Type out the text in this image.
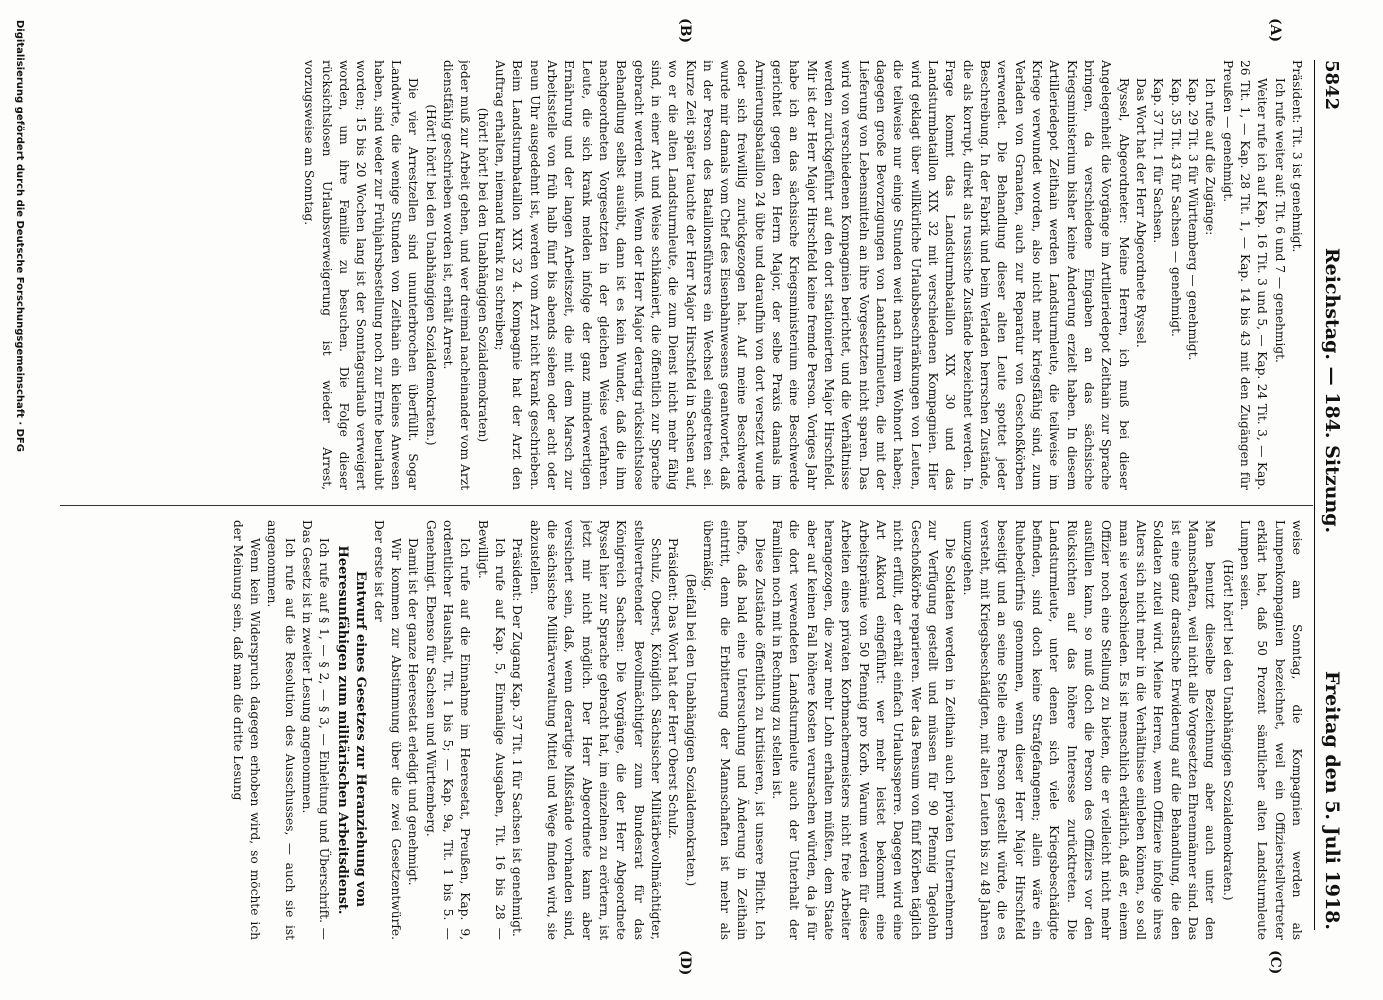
5842
Reichstag. — 184. Sitzung.
Freitag den 5. Juli 1918.
(A)
(B)
(C)
(D)

Präsident: Tit. 3 ist genehmigt.

Ich rufe weiter auf: Tit. 6 und 7 — genehmigt.

Weiter rufe ich auf Kap. 16 Tit. 3 und 5, — Kap. 24 Tit. 3, — Kap. 26 Tit. 1, — Kap. 28 Tit. 1, — Kap. 14 bis 43 mit den Zugängen für Preußen — genehmigt.

Ich rufe auf die Zugänge:

Kap. 29 Tit. 3 für Württemberg — genehmigt.

Kap. 35 Tit. 43 für Sachsen — genehmigt.

Kap. 37 Tit. 1 für Sachsen.

Das Wort hat der Herr Abgeordnete Ryssel.

Ryssel, Abgeordneter: Meine Herren, ich muß bei dieser Angelegenheit die Vorgänge im Artilleriedepot Zeithain zur Sprache bringen, da verschiedene Eingaben an das sächsische Kriegsministerium bisher keine Änderung erzielt haben. In diesem Artilleriedepot Zeithain werden Landsturmleute, die teilweise im Kriege verwundet worden, also nicht mehr kriegsfähig sind, zum Verladen von Granaten, auch zur Reparatur von Geschoßkörben verwendet. Die Behandlung dieser alten Leute spottet jeder Beschreibung. In der Fabrik und beim Verladen herrschen Zustände, die als korrupt, direkt als russische Zustände bezeichnet werden. In Frage kommt das Landsturmbataillon XIX 30 und das Landsturmbataillon XIX 32 mit verschiedenen Kompagnien. Hier wird geklagt über willkürliche Urlaubsbeschränkungen von Leuten, die teilweise nur einige Stunden weit nach ihrem Wohnort haben; dagegen große Bevorzugungen von Landsturmleuten, die mit der Lieferung von Lebensmitteln an ihre Vorgesetzten nicht sparen. Das wird von verschiedenen Kompagnien berichtet, und die Verhältnisse werden zurückgeführt auf den dort stationierten Major Hirschfeld. Mir ist der Herr Major Hirschfeld keine fremde Person. Voriges Jahr habe ich an das sächsische Kriegsministerium eine Beschwerde gerichtet gegen den Herrn Major, der selbe Praxis damals im Armierungsbataillon 24 übte und daraufhin von dort versetzt wurde oder sich freiwillig zurückgezogen hat. Auf meine Beschwerde wurde mir damals vom Chef des Eisenbahnwesens geantwortet, daß in der Person des Bataillonsführers ein Wechsel eingetreten sei. Kurze Zeit später tauchte der Herr Major Hirschfeld in Sachsen auf, wo er die alten Landsturmleute, die zum Dienst nicht mehr fähig sind, in einer Art und Weise schikaniert, die öffentlich zur Sprache gebracht werden muß. Wenn der Herr Major derartig rücksichtslose Behandlung selbst ausübt, dann ist es kein Wunder, daß die ihm nachgeordneten Vorgesetzten in der gleichen Weise verfahren. Leute, die sich krank melden infolge der ganz minderwertigen Ernährung und der langen Arbeitszeit, die mit dem Marsch zur Arbeitsstelle von früh halb fünf bis abends sieben oder acht oder neun Uhr ausgedehnt ist, werden vom Arzt nicht krank geschrieben. Beim Landsturmbataillon XIX 32 4. Kompagnie hat der Arzt den Auftrag erhalten, niemand krank zu schreiben;

(hört! hört! bei den Unabhängigen Sozialdemokraten)

jeder muß zur Arbeit gehen, und wer dreimal nacheinander vom Arzt dienstfähig geschrieben worden ist, erhält Arrest.

(Hört! hört! bei den Unabhängigen Sozialdemokraten.)

Die vier Arrestzellen sind ununterbrochen überfüllt. Sogar Landwirte, die wenige Stunden von Zeithain ein kleines Anwesen haben, sind weder zur Frühjahrsbestellung noch zur Ernte beurlaubt worden; 15 bis 20 Wochen lang ist der Sonntagsurlaub verweigert worden, um ihre Familie zu besuchen. Die Folge dieser rücksichtslosen Urlaubsverweigerung ist wieder Arrest, vorzugsweise am Sonntag.

weise am Sonntag, die Kompagnien werden als Lumpenkompagnien bezeichnet, weil ein Offizierstellvertreter erklärt hat, daß 50 Prozent sämtlicher alten Landsturmleute Lumpen seien.

(Hört! hört! bei den Unabhängigen Sozialdemokraten.)

Man benutzt dieselbe Bezeichnung aber auch unter den Mannschaften, weil nicht alle Vorgesetzten Ehrenmänner sind. Das ist eine ganz drastische Erwiderung auf die Behandlung, die den Soldaten zuteil wird. Meine Herren, wenn Offiziere infolge ihres Alters sich nicht mehr in die Verhältnisse einleben können, so soll man sie verabschieden. Es ist menschlich erklärlich, daß er, einem Offizier noch eine Stellung zu bieten, die er vielleicht nicht mehr ausfüllen kann, so muß doch die Person des Offiziers vor den Rücksichten auf das höhere Interesse zurücktreten. Die Landsturmleute, unter denen sich viele Kriegsbeschädigte befinden, sind doch keine Strafgefangenen; allein wäre ein Ruhebedürfnis genommen, wenn dieser Herr Major Hirschfeld beseitigt und an seine Stelle eine Person gestellt würde, die es versteht, mit Kriegsbeschädigten, mit alten Leuten bis zu 48 Jahren umzugehen.

Die Soldaten werden in Zeithain auch privaten Unternehmern zur Verfügung gestellt und müssen für 90 Pfennig Tagelohn Geschoßkörbe reparieren. Wer das Pensum von fünf Körben täglich nicht erfüllt, der erhält einfach Urlaubssperre. Dagegen wird eine Art Akkord eingeführt: wer mehr leistet bekommt eine Arbeitsprämie von 50 Pfennig pro Korb. Warum werden für diese Arbeiten eines privaten Korbmachermeisters nicht freie Arbeiter herangezogen, die zwar mehr Lohn erhalten müßten, dem Staate aber auf keinen Fall höhere Kosten verursachen würden, da ja für die dort verwendeten Landsturmleute auch der Unterhalt der Familien noch mit in Rechnung zu stellen ist.

Diese Zustände öffentlich zu kritisieren, ist unsere Pflicht. Ich hoffe, daß bald eine Untersuchung und Änderung in Zeithain eintritt, denn die Erbitterung der Mannschaften ist mehr als übermäßig.

(Beifall bei den Unabhängigen Sozialdemokraten.)

Präsident: Das Wort hat der Herr Oberst Schulz.

Schulz, Oberst, Königlich Sächsischer Militärbevollmächtigter, stellvertretender Bevollmächtigter zum Bundesrat für das Königreich Sachsen: Die Vorgänge, die der Herr Abgeordnete Ryssel hier zur Sprache gebracht hat, im einzelnen zu erörtern, ist jetzt mir nicht möglich. Der Herr Abgeordnete kann aber versichert sein, daß, wenn derartige Mißstände vorhanden sind, die sächsische Militärverwaltung Mittel und Wege finden wird, sie abzustellen.

Präsident: Der Zugang Kap. 37 Tit. 1 für Sachsen ist genehmigt.

Ich rufe auf Kap. 5, Einmalige Ausgaben, Tit. 16 bis 28 — Bewilligt.

Ich rufe auf die Einnahme im Heeresetat, Preußen, Kap. 9, ordentlicher Haushalt, Tit. 1 bis 5; — Kap. 9a, Tit. 1 bis 5. — Genehmigt. Ebenso für Sachsen und Württemberg.

Damit ist der ganze Heeresetat erledigt und genehmigt.

Wir kommen zur Abstimmung über die zwei Gesetzentwürfe. Der erste ist der

Entwurf eines Gesetzes zur Heranziehung von Heeresunfähigen zum militärischen Arbeitsdienst.

Ich rufe auf § 1, — § 2, — § 3, — Einleitung und Überschrift. — Das Gesetz ist in zweiter Lesung angenommen.

Ich rufe auf die Resolution des Ausschusses, — auch sie ist angenommen.

Wenn kein Widerspruch dagegen erhoben wird, so möchte ich der Meinung sein, daß man die dritte Lesung

Digitalisierung gefördert durch die Deutsche Forschungsgemeinschaft · DFG
